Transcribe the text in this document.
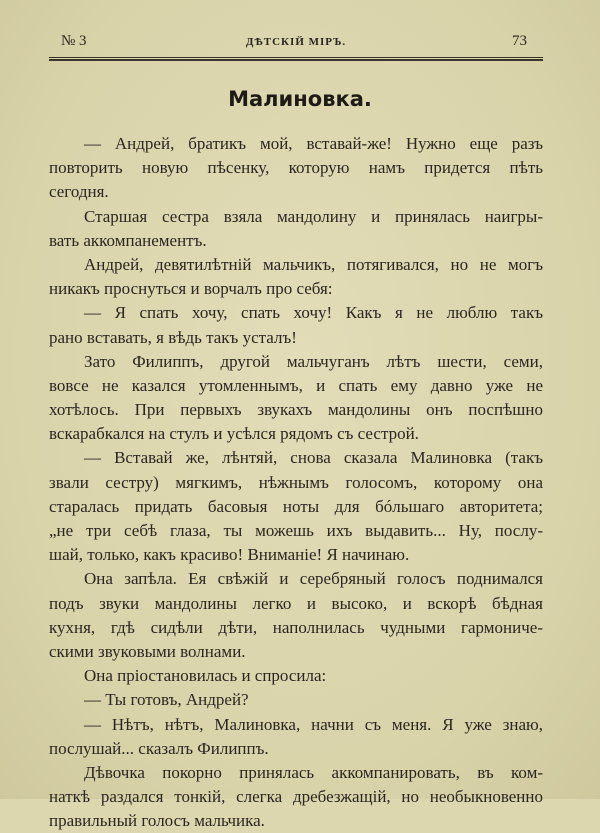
№ 3	ДѢТСКІЙ МІРЪ.	73
Малиновка.
— Андрей, братикъ мой, вставай-же! Нужно еще разъ
повторить новую пѣсенку, которую намъ придется пѣть
сегодня.
Старшая сестра взяла мандолину и принялась наигры-
вать аккомпанементъ.
Андрей, девятилѣтній мальчикъ, потягивался, но не могъ
никакъ проснуться и ворчалъ про себя:
— Я спать хочу, спать хочу! Какъ я не люблю такъ
рано вставать, я вѣдь такъ усталъ!
Зато Филиппъ, другой мальчуганъ лѣтъ шести, семи,
вовсе не казался утомленнымъ, и спать ему давно уже не
хотѣлось. При первыхъ звукахъ мандолины онъ поспѣшно
вскарабкался на стулъ и усѣлся рядомъ съ сестрой.
— Вставай же, лѣнтяй, снова сказала Малиновка (такъ
звали сестру) мягкимъ, нѣжнымъ голосомъ, которому она
старалась придать басовыя ноты для бóльшаго авторитета;
„не три себѣ глаза, ты можешь ихъ выдавить... Ну, послу-
шай, только, какъ красиво! Вниманіе! Я начинаю.
Она запѣла. Ея свѣжій и серебряный голосъ поднимался
подъ звуки мандолины легко и высоко, и вскорѣ бѣдная
кухня, гдѣ сидѣли дѣти, наполнилась чудными гармониче-
скими звуковыми волнами.
Она пріостановилась и спросила:
— Ты готовъ, Андрей?
— Нѣтъ, нѣтъ, Малиновка, начни съ меня. Я уже знаю,
послушай... сказалъ Филиппъ.
Дѣвочка покорно принялась аккомпанировать, въ ком-
наткѣ раздался тонкій, слегка дребезжащій, но необыкновенно
правильный голосъ мальчика.
